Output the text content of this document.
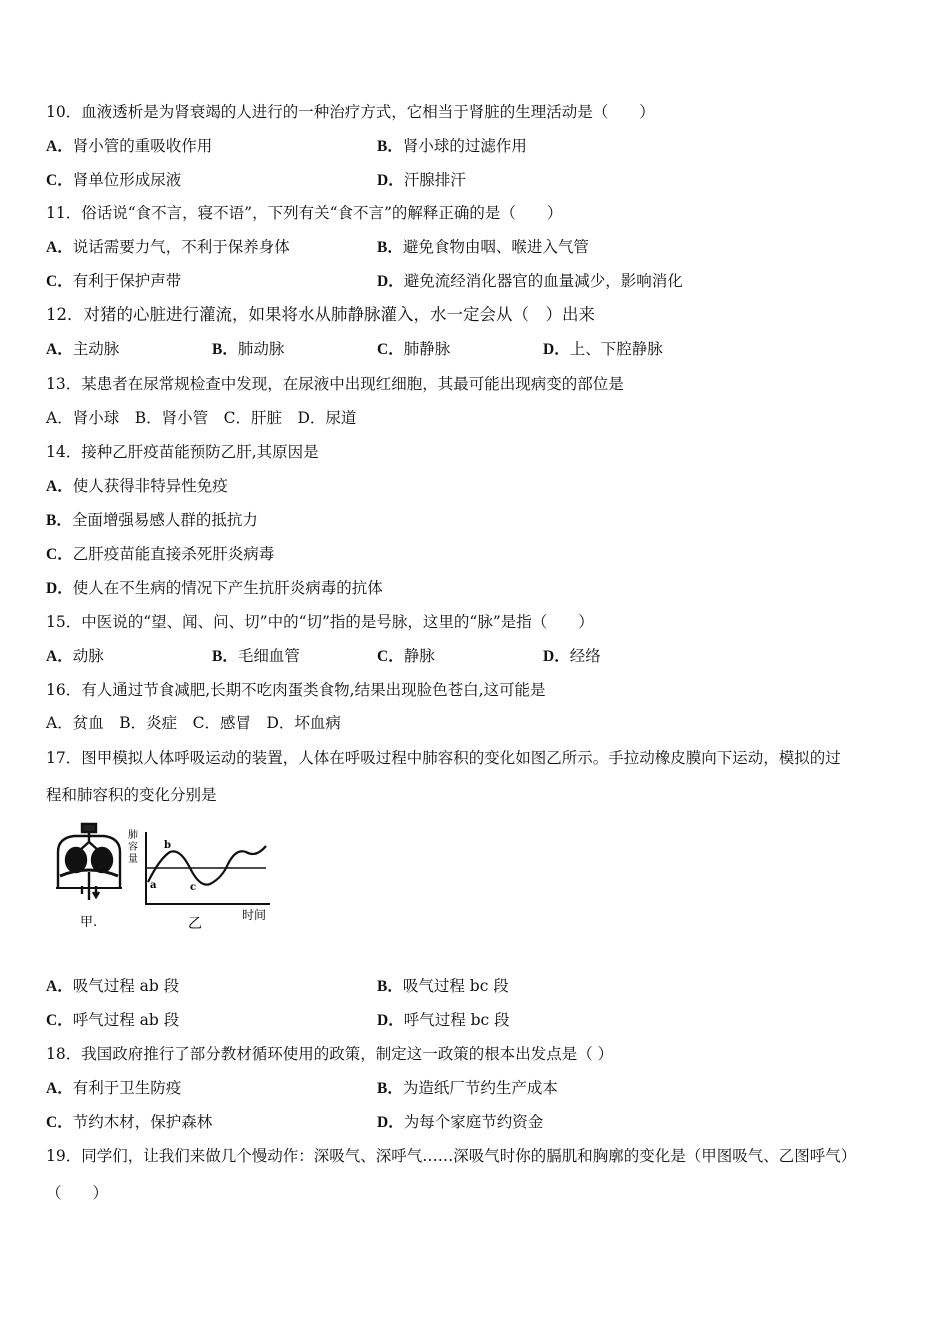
10．血液透析是为肾衰竭的人进行的一种治疗方式，它相当于肾脏的生理活动是（　　）
A．肾小管的重吸收作用	B．肾小球的过滤作用
C．肾单位形成尿液	D．汗腺排汗
11．俗话说“食不言，寝不语”，下列有关“食不言”的解释正确的是（　　）
A．说话需要力气，不利于保养身体	B．避免食物由咽、喉进入气管
C．有利于保护声带	D．避免流经消化器官的血量减少，影响消化
12．对猪的心脏进行灌流，如果将水从肺静脉灌入，水一定会从（　）出来
A．主动脉	B．肺动脉	C．肺静脉	D．上、下腔静脉
13．某患者在尿常规检查中发现，在尿液中出现红细胞，其最可能出现病变的部位是
A．肾小球　B．肾小管　C．肝脏　D．尿道
14．接种乙肝疫苗能预防乙肝,其原因是
A．使人获得非特异性免疫
B．全面增强易感人群的抵抗力
C．乙肝疫苗能直接杀死肝炎病毒
D．使人在不生病的情况下产生抗肝炎病毒的抗体
15．中医说的“望、闻、问、切”中的“切”指的是号脉，这里的“脉”是指（　　）
A．动脉	B．毛细血管	C．静脉	D．经络
16．有人通过节食减肥,长期不吃肉蛋类食物,结果出现脸色苍白,这可能是
A．贫血　B．炎症　C．感冒　D．坏血病
17．图甲模拟人体呼吸运动的装置，人体在呼吸过程中肺容积的变化如图乙所示。手拉动橡皮膜向下运动，模拟的过
程和肺容积的变化分别是
肺
容
量
b
a	c
时间
甲.	乙
A．吸气过程 ab 段	B．吸气过程 bc 段
C．呼气过程 ab 段	D．呼气过程 bc 段
18．我国政府推行了部分教材循环使用的政策，制定这一政策的根本出发点是（ ）
A．有利于卫生防疫	B．为造纸厂节约生产成本
C．节约木材，保护森林	D．为每个家庭节约资金
19．同学们，让我们来做几个慢动作：深吸气、深呼气……深吸气时你的膈肌和胸廓的变化是（甲图吸气、乙图呼气）
（　　）
